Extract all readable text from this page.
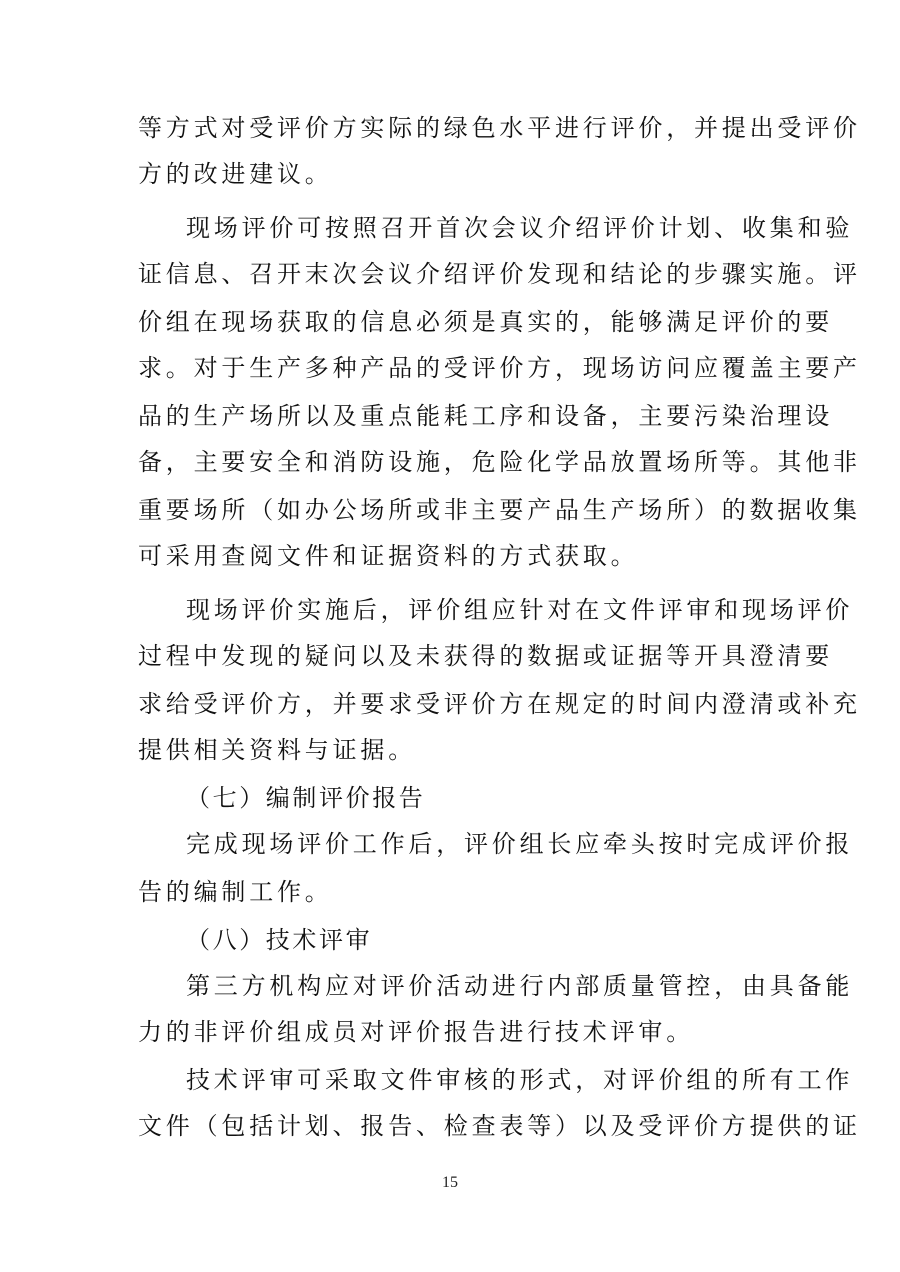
等方式对受评价方实际的绿色水平进行评价，并提出受评价
方的改进建议。
现场评价可按照召开首次会议介绍评价计划、收集和验
证信息、召开末次会议介绍评价发现和结论的步骤实施。评
价组在现场获取的信息必须是真实的，能够满足评价的要
求。对于生产多种产品的受评价方，现场访问应覆盖主要产
品的生产场所以及重点能耗工序和设备，主要污染治理设
备，主要安全和消防设施，危险化学品放置场所等。其他非
重要场所（如办公场所或非主要产品生产场所）的数据收集
可采用查阅文件和证据资料的方式获取。
现场评价实施后，评价组应针对在文件评审和现场评价
过程中发现的疑问以及未获得的数据或证据等开具澄清要
求给受评价方，并要求受评价方在规定的时间内澄清或补充
提供相关资料与证据。
（七）编制评价报告
完成现场评价工作后，评价组长应牵头按时完成评价报
告的编制工作。
（八）技术评审
第三方机构应对评价活动进行内部质量管控，由具备能
力的非评价组成员对评价报告进行技术评审。
技术评审可采取文件审核的形式，对评价组的所有工作
文件（包括计划、报告、检查表等）以及受评价方提供的证
15
